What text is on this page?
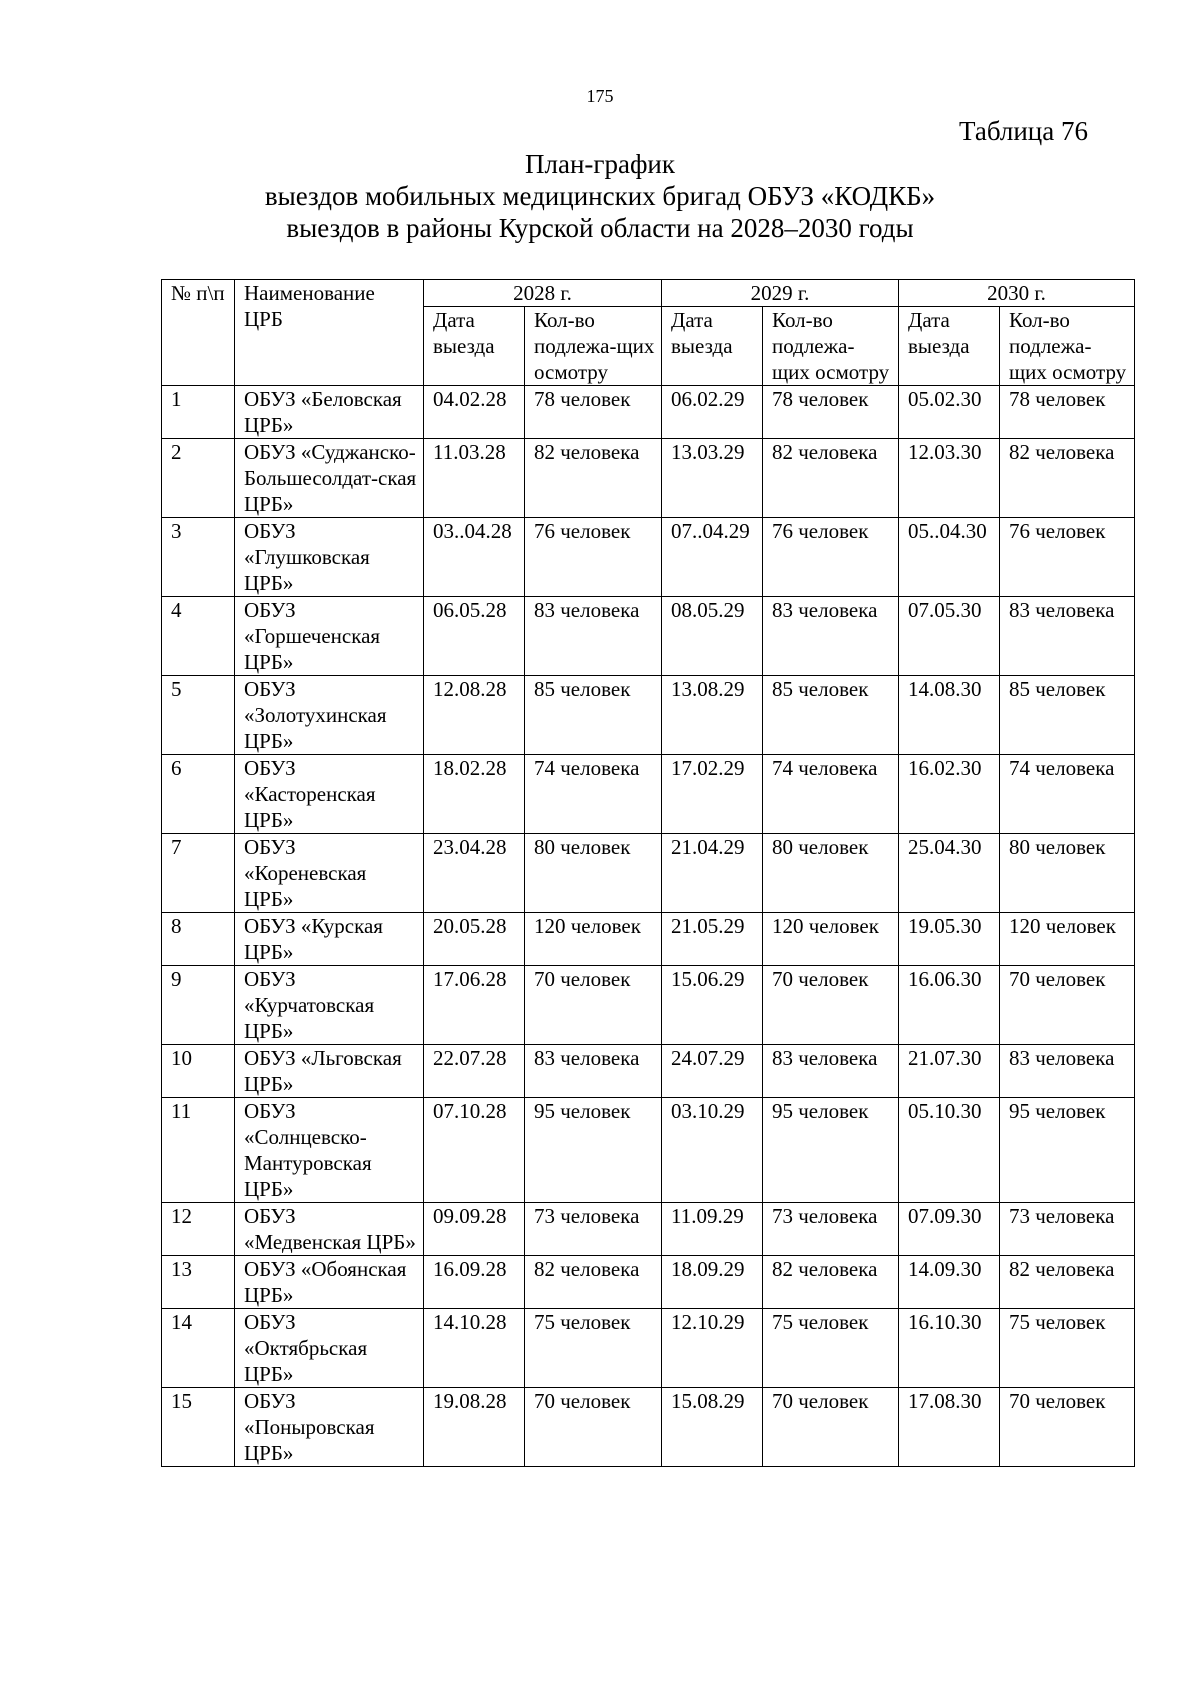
175
Таблица 76
План-график
выездов мобильных медицинских бригад ОБУЗ «КОДКБ»
выездов в районы Курской области на 2028–2030 годы
№ п\п	Наименование ЦРБ	2028 г.		2029 г.		2030 г.	
		Дата выезда	Кол-во подлежа-щих осмотру	Дата выезда	Кол-во подлежа-щих осмотру	Дата выезда	Кол-во подлежа-щих осмотру
1	ОБУЗ «Беловская ЦРБ»	04.02.28	78 человек	06.02.29	78 человек	05.02.30	78 человек
2	ОБУЗ «Суджанско-Большесолдат-ская ЦРБ»	11.03.28	82 человека	13.03.29	82 человека	12.03.30	82 человека
3	ОБУЗ «Глушковская ЦРБ»	03..04.28	76 человек	07..04.29	76 человек	05..04.30	76 человек
4	ОБУЗ «Горшеченская ЦРБ»	06.05.28	83 человека	08.05.29	83 человека	07.05.30	83 человека
5	ОБУЗ «Золотухинская ЦРБ»	12.08.28	85 человек	13.08.29	85 человек	14.08.30	85 человек
6	ОБУЗ «Касторенская ЦРБ»	18.02.28	74 человека	17.02.29	74 человека	16.02.30	74 человека
7	ОБУЗ «Кореневская ЦРБ»	23.04.28	80 человек	21.04.29	80 человек	25.04.30	80 человек
8	ОБУЗ «Курская ЦРБ»	20.05.28	120 человек	21.05.29	120 человек	19.05.30	120 человек
9	ОБУЗ «Курчатовская ЦРБ»	17.06.28	70 человек	15.06.29	70 человек	16.06.30	70 человек
10	ОБУЗ «Льговская ЦРБ»	22.07.28	83 человека	24.07.29	83 человека	21.07.30	83 человека
11	ОБУЗ «Солнцевско-Мантуровская ЦРБ»	07.10.28	95 человек	03.10.29	95 человек	05.10.30	95 человек
12	ОБУЗ «Медвенская ЦРБ»	09.09.28	73 человека	11.09.29	73 человека	07.09.30	73 человека
13	ОБУЗ «Обоянская ЦРБ»	16.09.28	82 человека	18.09.29	82 человека	14.09.30	82 человека
14	ОБУЗ «Октябрьская ЦРБ»	14.10.28	75 человек	12.10.29	75 человек	16.10.30	75 человек
15	ОБУЗ «Поныровская ЦРБ»	19.08.28	70 человек	15.08.29	70 человек	17.08.30	70 человек
